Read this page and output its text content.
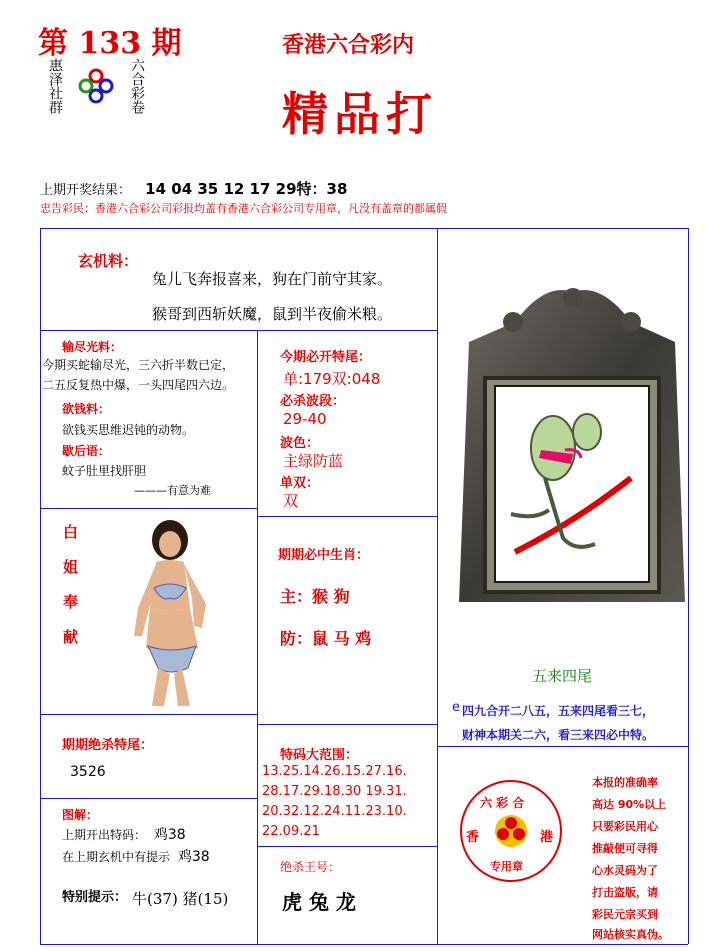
第 133 期
惠泽社群	六合彩卷
香港六合彩内
精品打
上期开奖结果： 14 04 35 12 17 29特：38
忠告彩民：香港六合彩公司彩报均盖有香港六合彩公司专用章，凡没有盖章的都属假
玄机料：
兔儿飞奔报喜来，狗在门前守其家。
猴哥到西斩妖魔，鼠到半夜偷米粮。
输尽光料：
今期买蛇输尽光，三六折半数已定，
二五反复热中爆，一头四尾四六边。
欲钱料：
欲钱买思维迟钝的动物。
歇后语：
蚊子肚里找肝胆
———有意为难
白姐奉献
今期必开特尾：
单:179双:048
必杀波段：
29-40
波色：
主绿防蓝
单双：
双
期期必中生肖：
主：猴 狗
防：鼠 马 鸡
五来四尾
e 四九合开二八五，五来四尾看三七，
财神本期关二六，看三来四必中特。
期期绝杀特尾：
3526
特码大范围：
13.25.14.26.15.27.16.
28.17.29.18.30 19.31.
20.32.12.24.11.23.10.
22.09.21
图解：
上期开出特码： 鸡38
在上期玄机中有提示 鸡38
特别提示： 牛(37) 猪(15)
绝杀王号：
虎 兔 龙
六 彩 合
香	港
专用章
本报的准确率
高达 90%以上
只要彩民用心
推敲便可寻得
心水灵码为了
打击盗版，请
彩民元宗买到
网站核实真伪。
